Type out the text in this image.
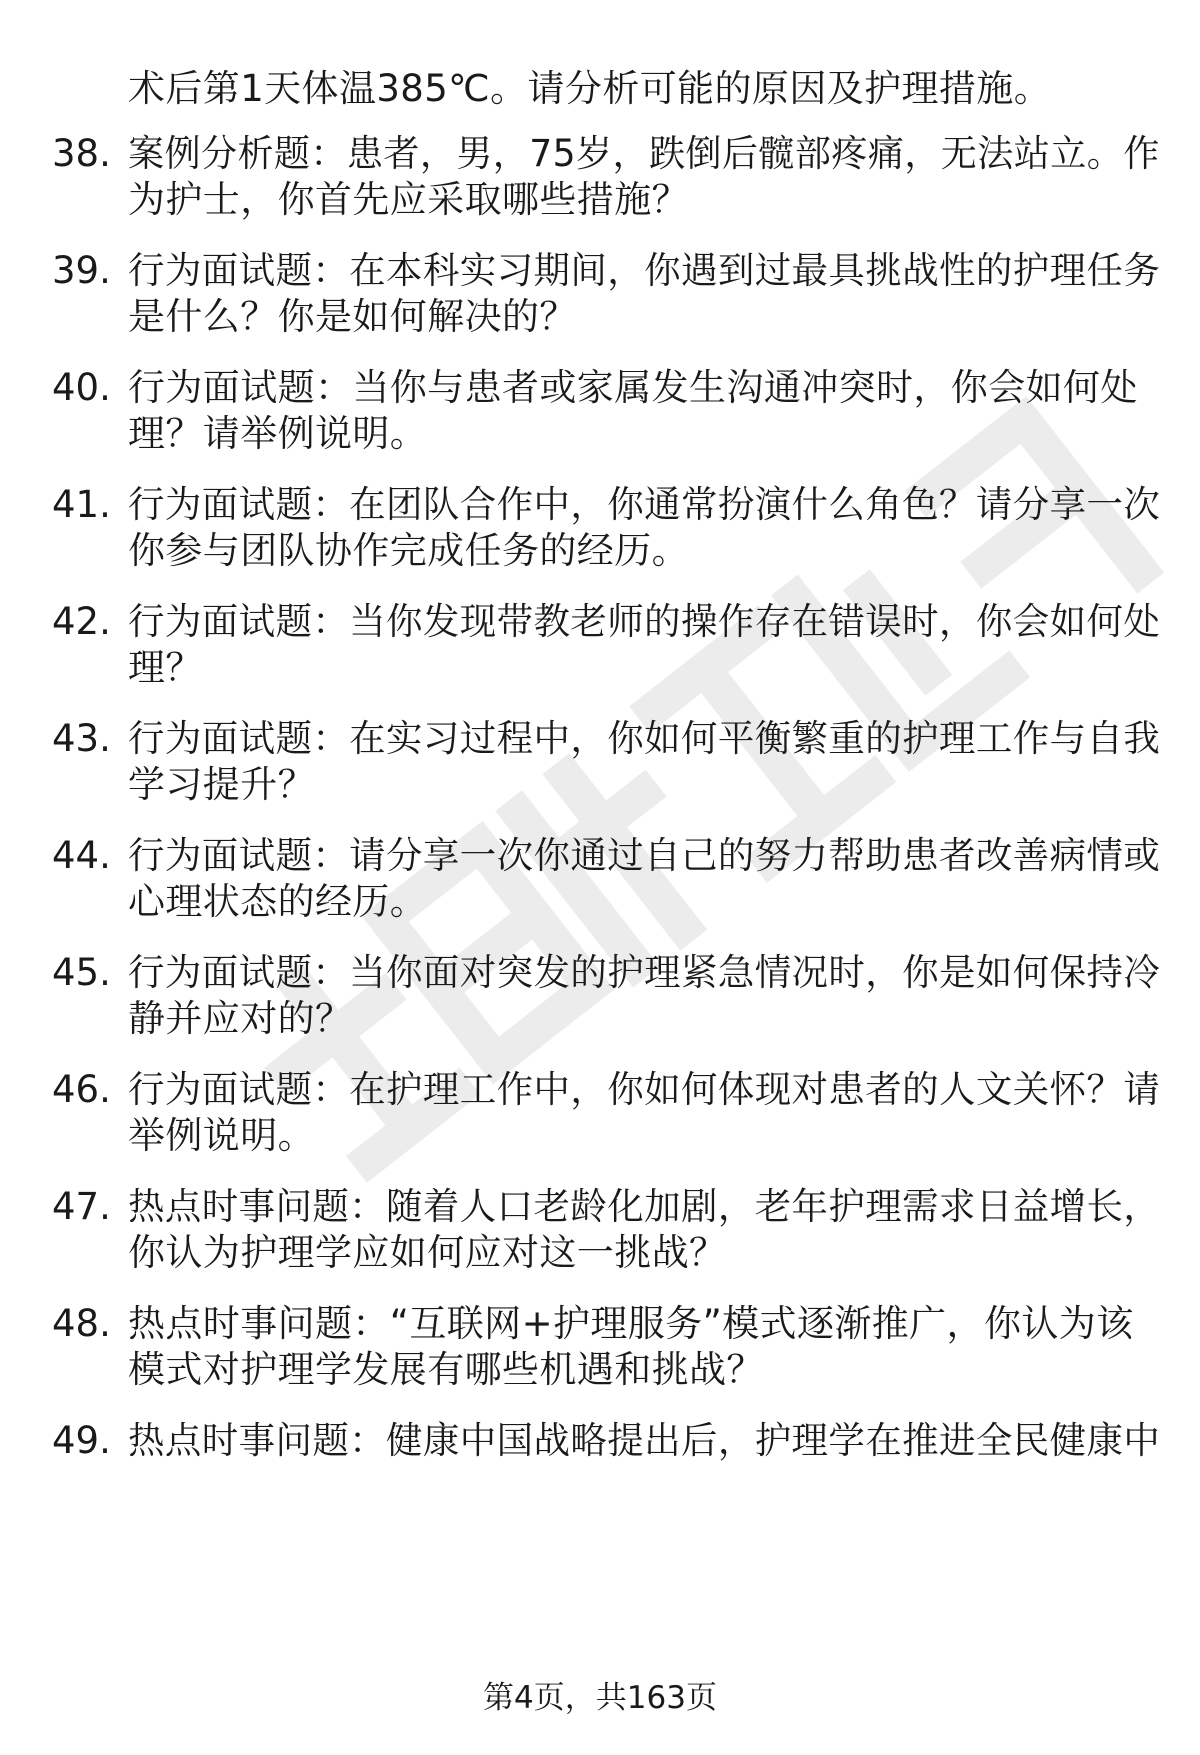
术后第1天体温385℃。请分析可能的原因及护理措施。
38. 案例分析题：患者，男，75岁，跌倒后髋部疼痛，无法站立。作
为护士，你首先应采取哪些措施？
39. 行为面试题：在本科实习期间，你遇到过最具挑战性的护理任务
是什么？你是如何解决的？
40. 行为面试题：当你与患者或家属发生沟通冲突时，你会如何处
理？请举例说明。
41. 行为面试题：在团队合作中，你通常扮演什么角色？请分享一次
你参与团队协作完成任务的经历。
42. 行为面试题：当你发现带教老师的操作存在错误时，你会如何处
理？
43. 行为面试题：在实习过程中，你如何平衡繁重的护理工作与自我
学习提升？
44. 行为面试题：请分享一次你通过自己的努力帮助患者改善病情或
心理状态的经历。
45. 行为面试题：当你面对突发的护理紧急情况时，你是如何保持冷
静并应对的？
46. 行为面试题：在护理工作中，你如何体现对患者的人文关怀？请
举例说明。
47. 热点时事问题：随着人口老龄化加剧，老年护理需求日益增长，
你认为护理学应如何应对这一挑战？
48. 热点时事问题：“互联网+护理服务”模式逐渐推广，你认为该
模式对护理学发展有哪些机遇和挑战？
49. 热点时事问题：健康中国战略提出后，护理学在推进全民健康中
第4页，共163页
